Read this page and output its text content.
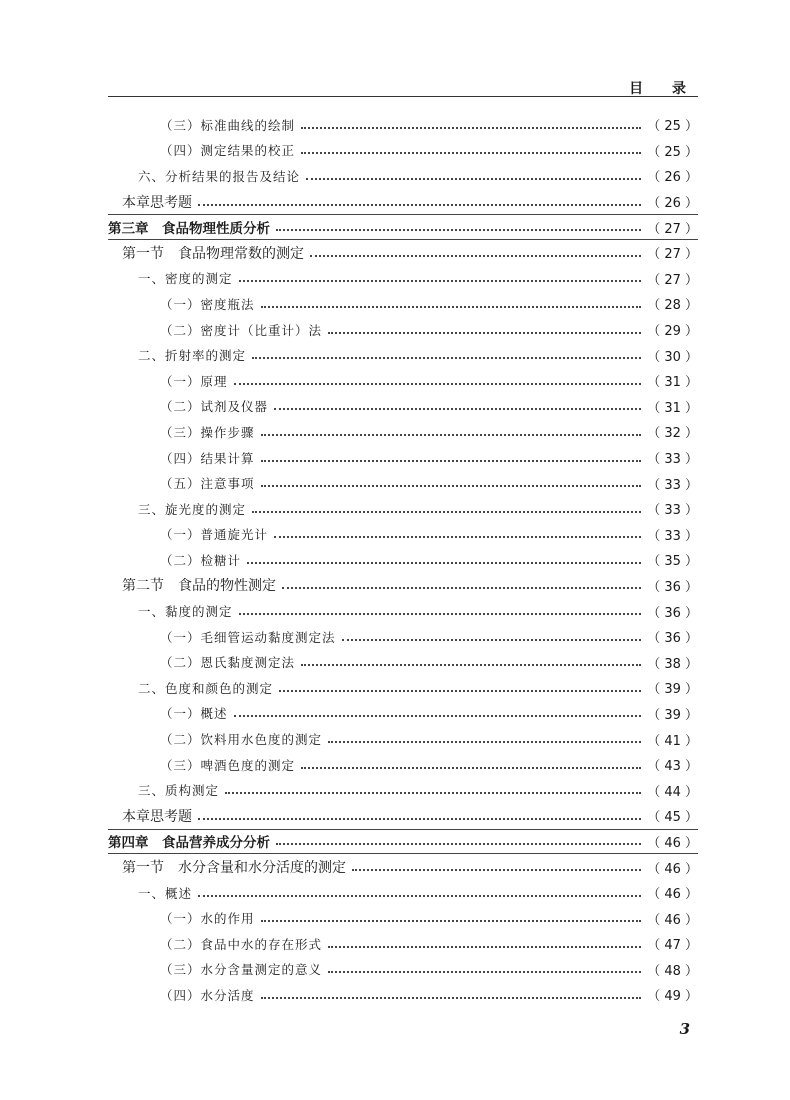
目 录
（三）标准曲线的绘制	（ 25 ）
（四）测定结果的校正	（ 25 ）
六、分析结果的报告及结论	（ 26 ）
本章思考题	（ 26 ）
第三章　食品物理性质分析	（ 27 ）
第一节　食品物理常数的测定	（ 27 ）
一、密度的测定	（ 27 ）
（一）密度瓶法	（ 28 ）
（二）密度计（比重计）法	（ 29 ）
二、折射率的测定	（ 30 ）
（一）原理	（ 31 ）
（二）试剂及仪器	（ 31 ）
（三）操作步骤	（ 32 ）
（四）结果计算	（ 33 ）
（五）注意事项	（ 33 ）
三、旋光度的测定	（ 33 ）
（一）普通旋光计	（ 33 ）
（二）检糖计	（ 35 ）
第二节　食品的物性测定	（ 36 ）
一、黏度的测定	（ 36 ）
（一）毛细管运动黏度测定法	（ 36 ）
（二）恩氏黏度测定法	（ 38 ）
二、色度和颜色的测定	（ 39 ）
（一）概述	（ 39 ）
（二）饮料用水色度的测定	（ 41 ）
（三）啤酒色度的测定	（ 43 ）
三、质构测定	（ 44 ）
本章思考题	（ 45 ）
第四章　食品营养成分分析	（ 46 ）
第一节　水分含量和水分活度的测定	（ 46 ）
一、概述	（ 46 ）
（一）水的作用	（ 46 ）
（二）食品中水的存在形式	（ 47 ）
（三）水分含量测定的意义	（ 48 ）
（四）水分活度	（ 49 ）
3
